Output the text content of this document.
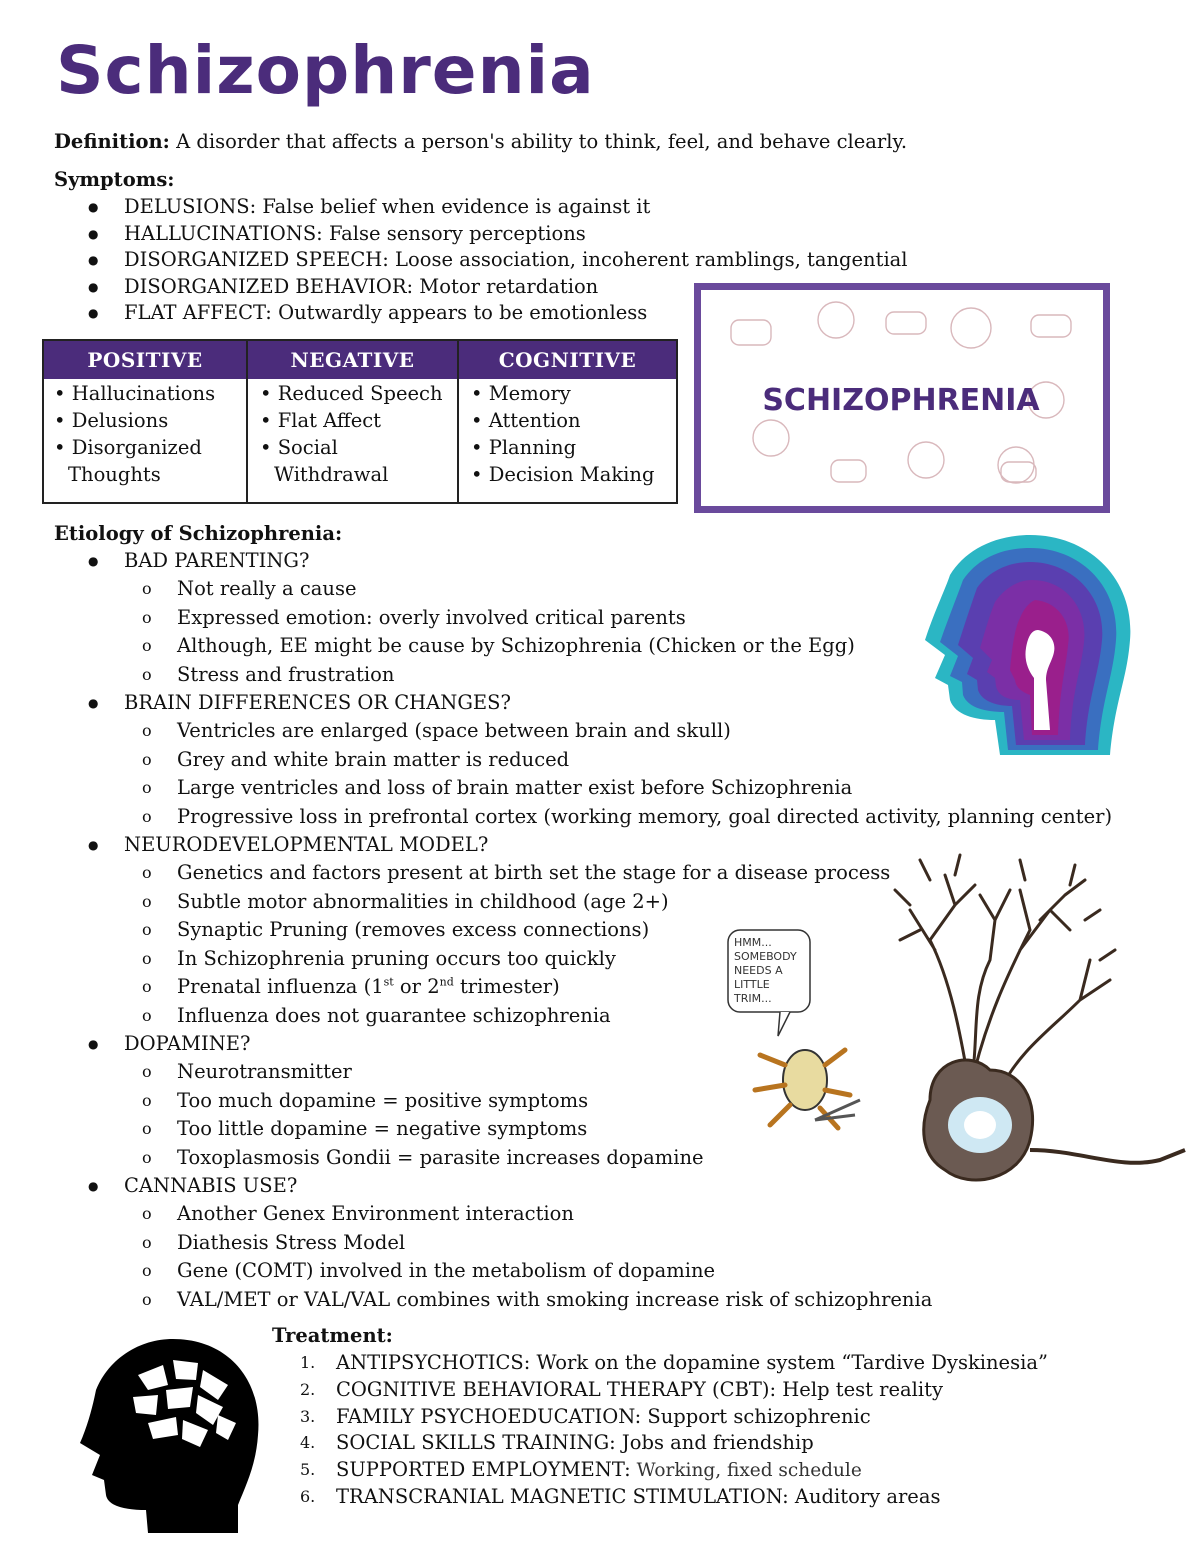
Schizophrenia
Definition: A disorder that affects a person's ability to think, feel, and behave clearly.
Symptoms:
● DELUSIONS: False belief when evidence is against it
● HALLUCINATIONS: False sensory perceptions
● DISORGANIZED SPEECH: Loose association, incoherent ramblings, tangential
● DISORGANIZED BEHAVIOR: Motor retardation
● FLAT AFFECT: Outwardly appears to be emotionless
POSITIVE	NEGATIVE	COGNITIVE
• Hallucinations
• Delusions
• Disorganized Thoughts
• Reduced Speech
• Flat Affect
• Social Withdrawal
• Memory
• Attention
• Planning
• Decision Making
SCHIZOPHRENIA
HMM... SOMEBODY NEEDS A LITTLE TRIM...
Etiology of Schizophrenia:
● BAD PARENTING?
o Not really a cause
o Expressed emotion: overly involved critical parents
o Although, EE might be cause by Schizophrenia (Chicken or the Egg)
o Stress and frustration
● BRAIN DIFFERENCES OR CHANGES?
o Ventricles are enlarged (space between brain and skull)
o Grey and white brain matter is reduced
o Large ventricles and loss of brain matter exist before Schizophrenia
o Progressive loss in prefrontal cortex (working memory, goal directed activity, planning center)
● NEURODEVELOPMENTAL MODEL?
o Genetics and factors present at birth set the stage for a disease process
o Subtle motor abnormalities in childhood (age 2+)
o Synaptic Pruning (removes excess connections)
o In Schizophrenia pruning occurs too quickly
o Prenatal influenza (1st or 2nd trimester)
o Influenza does not guarantee schizophrenia
● DOPAMINE?
o Neurotransmitter
o Too much dopamine = positive symptoms
o Too little dopamine = negative symptoms
o Toxoplasmosis Gondii = parasite increases dopamine
● CANNABIS USE?
o Another Genex Environment interaction
o Diathesis Stress Model
o Gene (COMT) involved in the metabolism of dopamine
o VAL/MET or VAL/VAL combines with smoking increase risk of schizophrenia
Treatment:
1. ANTIPSYCHOTICS: Work on the dopamine system “Tardive Dyskinesia”
2. COGNITIVE BEHAVIORAL THERAPY (CBT): Help test reality
3. FAMILY PSYCHOEDUCATION: Support schizophrenic
4. SOCIAL SKILLS TRAINING: Jobs and friendship
5. SUPPORTED EMPLOYMENT: Working, fixed schedule
6. TRANSCRANIAL MAGNETIC STIMULATION: Auditory areas
